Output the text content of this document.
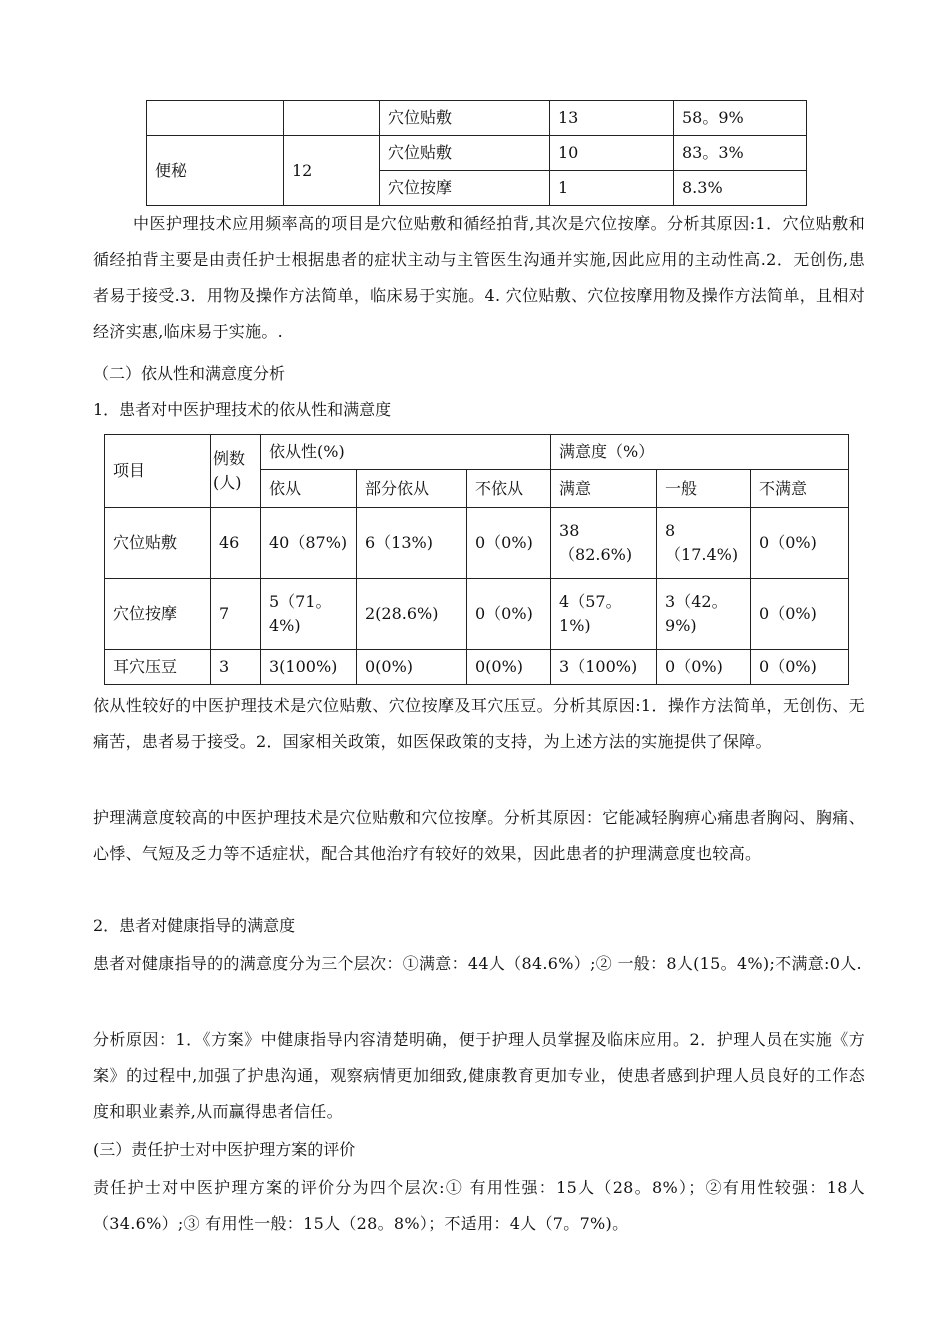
		穴位贴敷	13	58。9%
便秘	12	穴位贴敷	10	83。3%
		穴位按摩	1	8.3%
中医护理技术应用频率高的项目是穴位贴敷和循经拍背,其次是穴位按摩。分析其原因:1．穴位贴敷和循经拍背主要是由责任护士根据患者的症状主动与主管医生沟通并实施,因此应用的主动性高.2．无创伤,患者易于接受.3．用物及操作方法简单，临床易于实施。4. 穴位贴敷、穴位按摩用物及操作方法简单，且相对经济实惠,临床易于实施。.
（二）依从性和满意度分析
1．患者对中医护理技术的依从性和满意度
项目	例数(人)	依从性(%)			满意度（%）		
		依从	部分依从	不依从	满意	一般	不满意
穴位贴敷	46	40（87%)	6（13%)	0（0%)	38（82.6%)	8（17.4%)	0（0%)
穴位按摩	7	5（71。4%)	2(28.6%)	0（0%)	4（57。1%)	3（42。9%)	0（0%)
耳穴压豆	3	3(100%)	0(0%)	0(0%)	3（100%)	0（0%)	0（0%)
依从性较好的中医护理技术是穴位贴敷、穴位按摩及耳穴压豆。分析其原因:1．操作方法简单，无创伤、无痛苦，患者易于接受。2．国家相关政策，如医保政策的支持，为上述方法的实施提供了保障。
护理满意度较高的中医护理技术是穴位贴敷和穴位按摩。分析其原因：它能减轻胸痹心痛患者胸闷、胸痛、心悸、气短及乏力等不适症状，配合其他治疗有较好的效果，因此患者的护理满意度也较高。
2．患者对健康指导的满意度
患者对健康指导的的满意度分为三个层次：①满意：44人（84.6%）;② 一般：8人(15。4%);不满意:0人.
分析原因：1．《方案》中健康指导内容清楚明确，便于护理人员掌握及临床应用。2．护理人员在实施《方案》的过程中,加强了护患沟通，观察病情更加细致,健康教育更加专业，使患者感到护理人员良好的工作态度和职业素养,从而赢得患者信任。
(三）责任护士对中医护理方案的评价
责任护士对中医护理方案的评价分为四个层次:① 有用性强：15人（28。8%）；②有用性较强：18人（34.6%）;③ 有用性一般：15人（28。8%）；不适用：4人（7。7%)。
